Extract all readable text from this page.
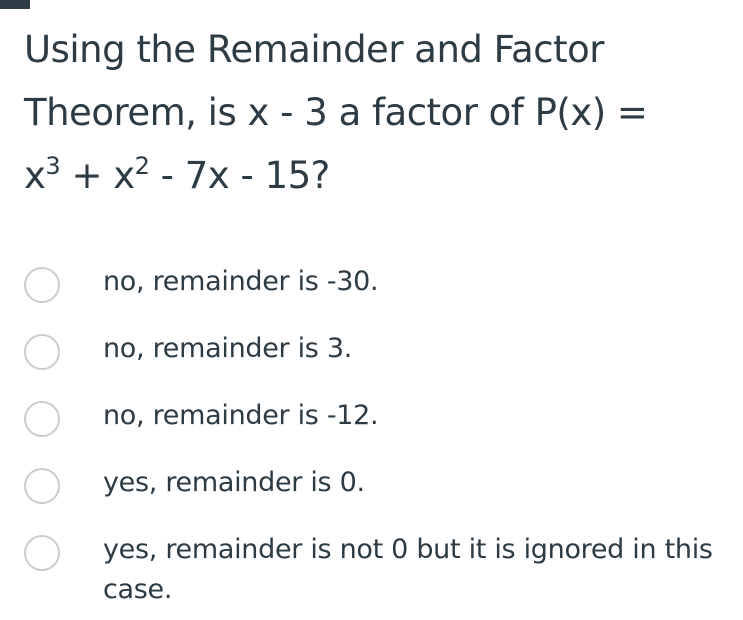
Using the Remainder and Factor
Theorem, is x - 3 a factor of P(x) =
$x^3 + x^2 - 7x - 15$?
no, remainder is -30.
no, remainder is 3.
no, remainder is -12.
yes, remainder is 0.
yes, remainder is not 0 but it is ignored in this case.
